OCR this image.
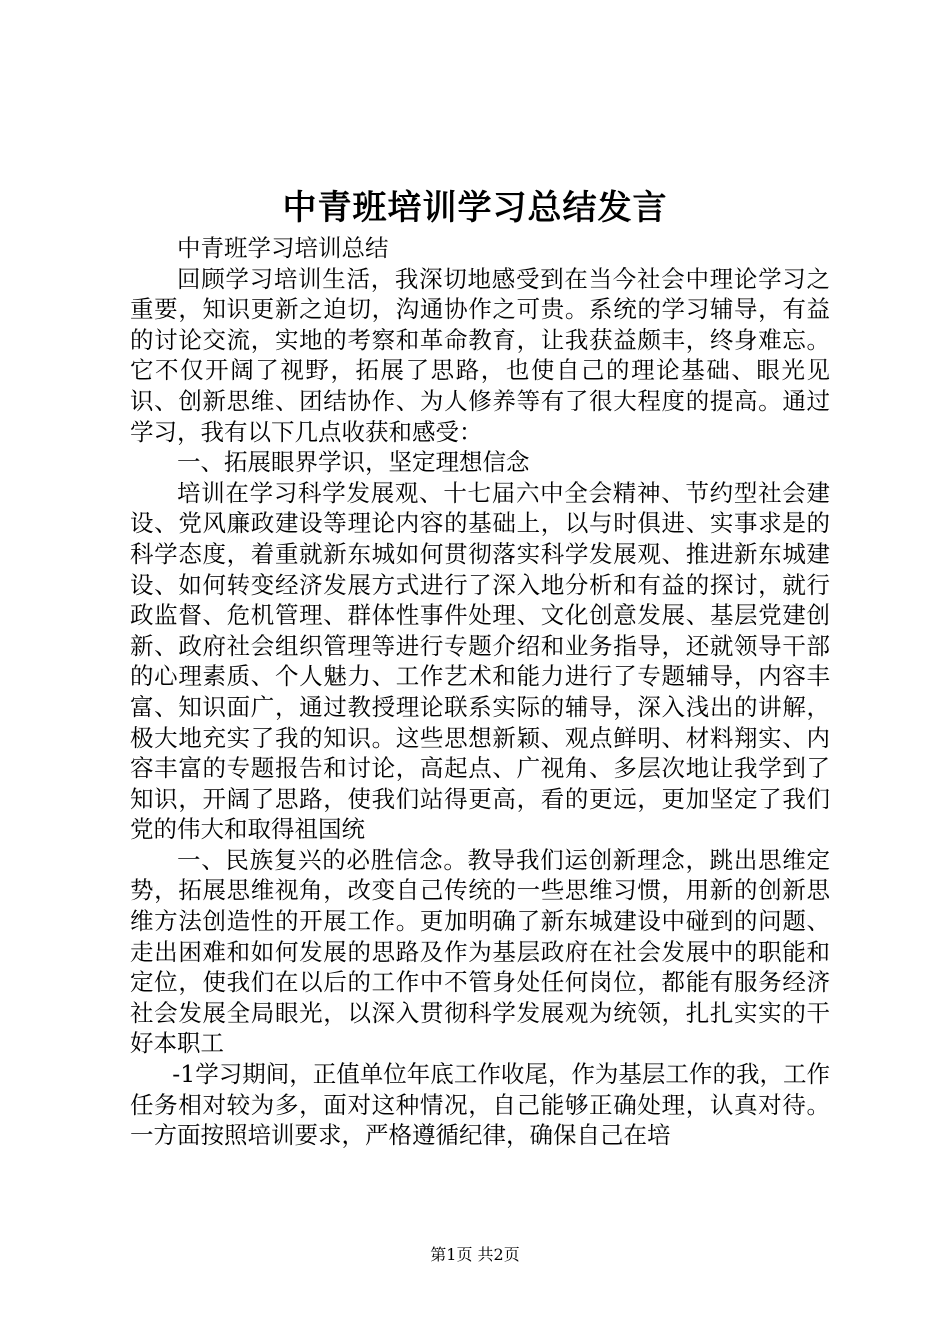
中青班培训学习总结发言

中青班学习培训总结

回顾学习培训生活，我深切地感受到在当今社会中理论学习之重要，知识更新之迫切，沟通协作之可贵。系统的学习辅导，有益的讨论交流，实地的考察和革命教育，让我获益颇丰，终身难忘。它不仅开阔了视野，拓展了思路，也使自己的理论基础、眼光见识、创新思维、团结协作、为人修养等有了很大程度的提高。通过学习，我有以下几点收获和感受：

一、拓展眼界学识，坚定理想信念

培训在学习科学发展观、十七届六中全会精神、节约型社会建设、党风廉政建设等理论内容的基础上，以与时俱进、实事求是的科学态度，着重就新东城如何贯彻落实科学发展观、推进新东城建设、如何转变经济发展方式进行了深入地分析和有益的探讨，就行政监督、危机管理、群体性事件处理、文化创意发展、基层党建创新、政府社会组织管理等进行专题介绍和业务指导，还就领导干部的心理素质、个人魅力、工作艺术和能力进行了专题辅导，内容丰富、知识面广，通过教授理论联系实际的辅导，深入浅出的讲解，极大地充实了我的知识。这些思想新颖、观点鲜明、材料翔实、内容丰富的专题报告和讨论，高起点、广视角、多层次地让我学到了知识，开阔了思路，使我们站得更高，看的更远，更加坚定了我们党的伟大和取得祖国统

一、民族复兴的必胜信念。教导我们运创新理念，跳出思维定势，拓展思维视角，改变自己传统的一些思维习惯，用新的创新思维方法创造性的开展工作。更加明确了新东城建设中碰到的问题、走出困难和如何发展的思路及作为基层政府在社会发展中的职能和定位，使我们在以后的工作中不管身处任何岗位，都能有服务经济社会发展全局眼光，以深入贯彻科学发展观为统领，扎扎实实的干好本职工

-1学习期间，正值单位年底工作收尾，作为基层工作的我，工作任务相对较为多，面对这种情况，自己能够正确处理，认真对待。一方面按照培训要求，严格遵循纪律，确保自己在培

第1页 共2页
